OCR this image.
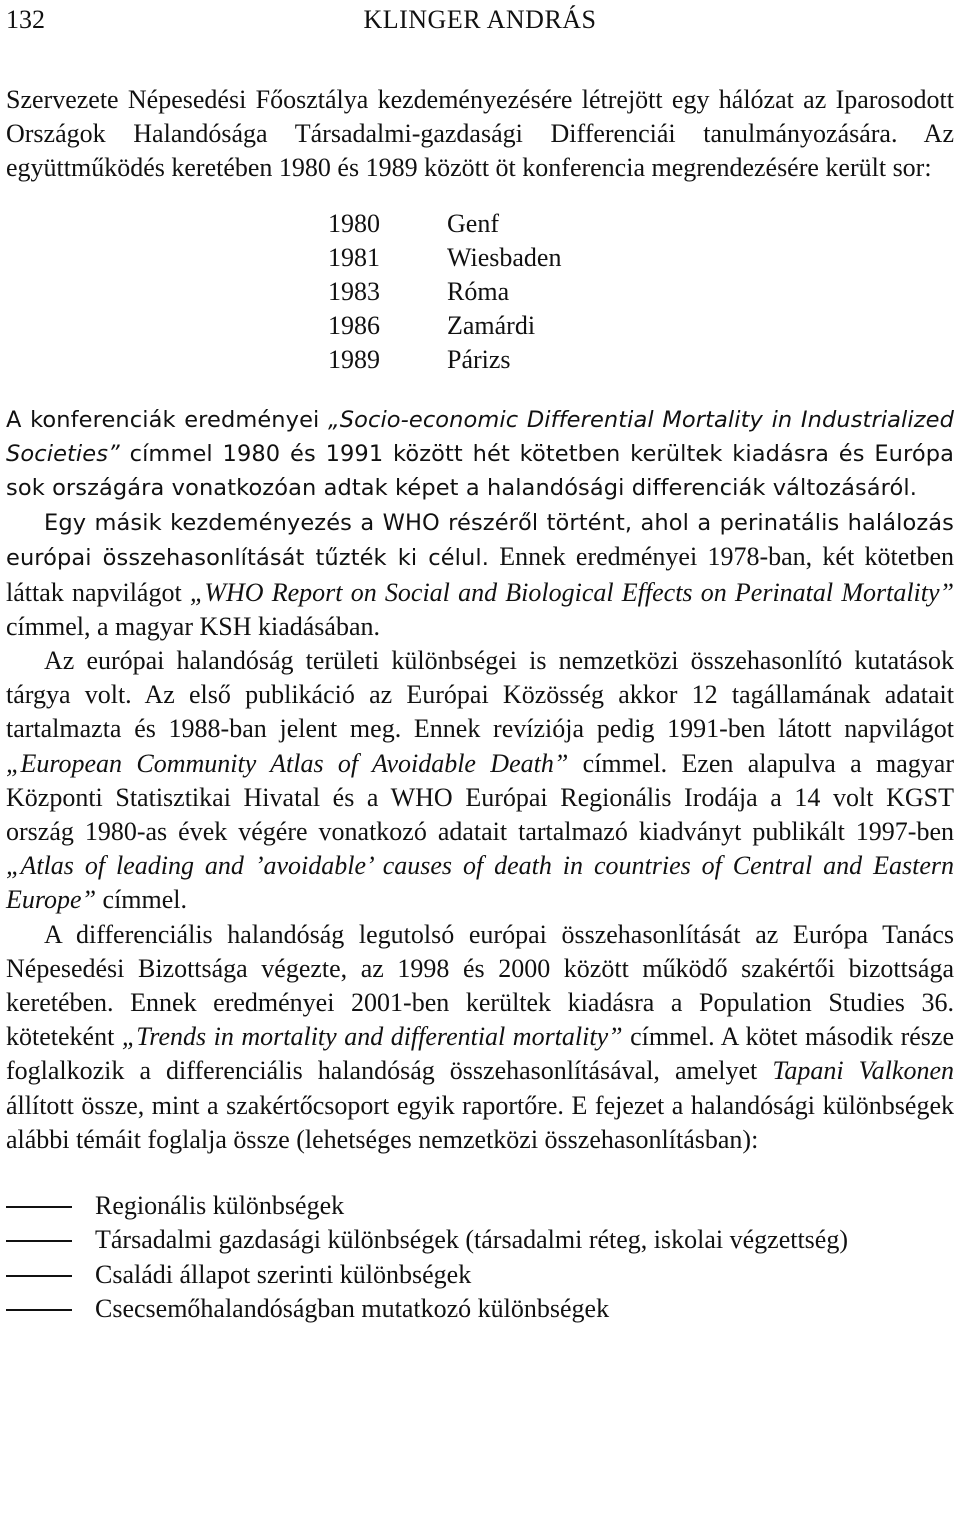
132	KLINGER ANDRÁS

Szervezete Népesedési Főosztálya kezdeményezésére létrejött egy hálózat az Iparosodott Országok Halandósága Társadalmi-gazdasági Differenciái tanulmányozására. Az együttműködés keretében 1980 és 1989 között öt konferencia megrendezésére került sor:

1980	Genf
1981	Wiesbaden
1983	Róma
1986	Zamárdi
1989	Párizs

A konferenciák eredményei „Socio-economic Differential Mortality in Industrialized Societies” címmel 1980 és 1991 között hét kötetben kerültek kiadásra és Európa sok országára vonatkozóan adtak képet a halandósági differenciák változásáról.

Egy másik kezdeményezés a WHO részéről történt, ahol a perinatális halálozás európai összehasonlítását tűzték ki célul. Ennek eredményei 1978-ban, két kötetben láttak napvilágot „WHO Report on Social and Biological Effects on Perinatal Mortality” címmel, a magyar KSH kiadásában.

Az európai halandóság területi különbségei is nemzetközi összehasonlító kutatások tárgya volt. Az első publikáció az Európai Közösség akkor 12 tagállamának adatait tartalmazta és 1988-ban jelent meg. Ennek revíziója pedig 1991-ben látott napvilágot „European Community Atlas of Avoidable Death” címmel. Ezen alapulva a magyar Központi Statisztikai Hivatal és a WHO Európai Regionális Irodája a 14 volt KGST ország 1980-as évek végére vonatkozó adatait tartalmazó kiadványt publikált 1997-ben „Atlas of leading and ’avoidable’ causes of death in countries of Central and Eastern Europe” címmel.

A differenciális halandóság legutolsó európai összehasonlítását az Európa Tanács Népesedési Bizottsága végezte, az 1998 és 2000 között működő szakértői bizottsága keretében. Ennek eredményei 2001-ben kerültek kiadásra a Population Studies 36. köteteként „Trends in mortality and differential mortality” címmel. A kötet második része foglalkozik a differenciális halandóság összehasonlításával, amelyet Tapani Valkonen állított össze, mint a szakértőcsoport egyik raportőre. E fejezet a halandósági különbségek alábbi témáit foglalja össze (lehetséges nemzetközi összehasonlításban):

Regionális különbségek
Társadalmi gazdasági különbségek (társadalmi réteg, iskolai végzettség)
Családi állapot szerinti különbségek
Csecsemőhalandóságban mutatkozó különbségek
